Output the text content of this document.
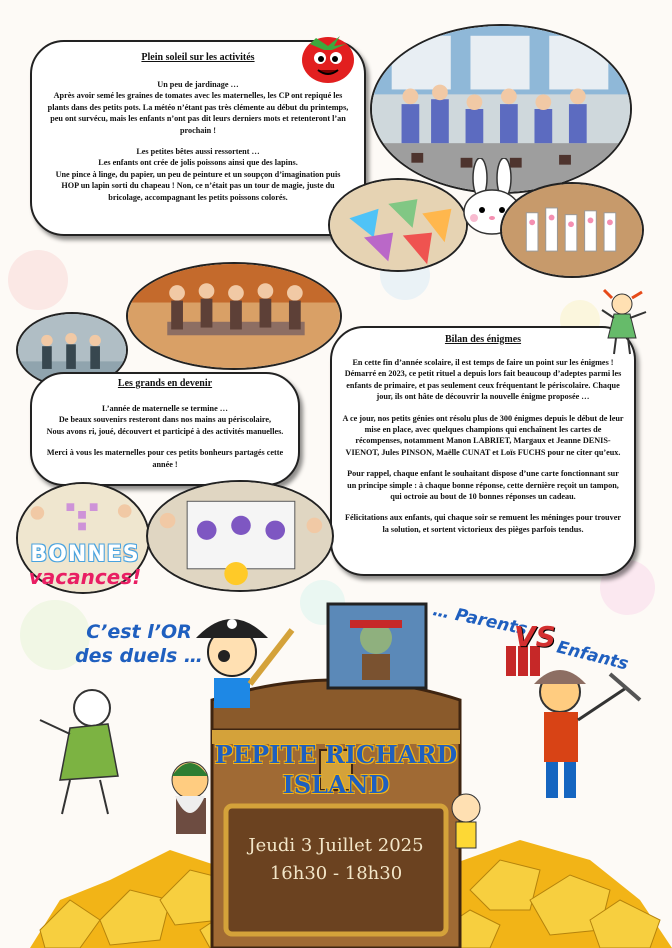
Plein soleil sur les activités

Un peu de jardinage …

Après avoir semé les graines de tomates avec les maternelles, les CP ont repiqué les plants dans des petits pots. La météo n’étant pas très clémente au début du printemps, peu ont survécu, mais les enfants n’ont pas dit leurs derniers mots et retenteront l’an prochain !

Les petites bêtes aussi ressortent …

Les enfants ont crée de jolis poissons ainsi que des lapins.

Une pince à linge, du papier, un peu de peinture et un soupçon d’imagination puis HOP un lapin sorti du chapeau ! Non, ce n’était pas un tour de magie, juste du bricolage, accompagnant les petits poissons colorés.

Les grands en devenir

L’année de maternelle se termine …

De beaux souvenirs resteront dans nos mains au périscolaire,

Nous avons ri, joué, découvert et participé à des activités manuelles.

Merci à vous les maternelles pour ces petits bonheurs partagés cette année !

Bilan des énigmes

En cette fin d’année scolaire, il est temps de faire un point sur les énigmes ! Démarré en 2023, ce petit rituel a depuis lors fait beaucoup d’adeptes parmi les enfants de primaire, et pas seulement ceux fréquentant le périscolaire. Chaque jour, ils ont hâte de découvrir la nouvelle énigme proposée …

A ce jour, nos petits génies ont résolu plus de 300 énigmes depuis le début de leur mise en place, avec quelques champions qui enchaînent les cartes de récompenses, notamment Manon LABRIET, Margaux et Jeanne DENIS-VIENOT, Jules PINSON, Maëlle CUNAT et Loïs FUCHS pour ne citer qu’eux.

Pour rappel, chaque enfant le souhaitant dispose d’une carte fonctionnant sur un principe simple : à chaque bonne réponse, cette dernière reçoit un tampon, qui octroie au bout de 10 bonnes réponses un cadeau.

Félicitations aux enfants, qui chaque soir se remuent les méninges pour trouver la solution, et sortent victorieux des pièges parfois tendus.

BONNES
vacances!
C’est l’OR
des duels …
… Parents
VS
Enfants
PEPITE RICHARD
ISLAND
Jeudi 3 Juillet 2025
16h30 - 18h30
